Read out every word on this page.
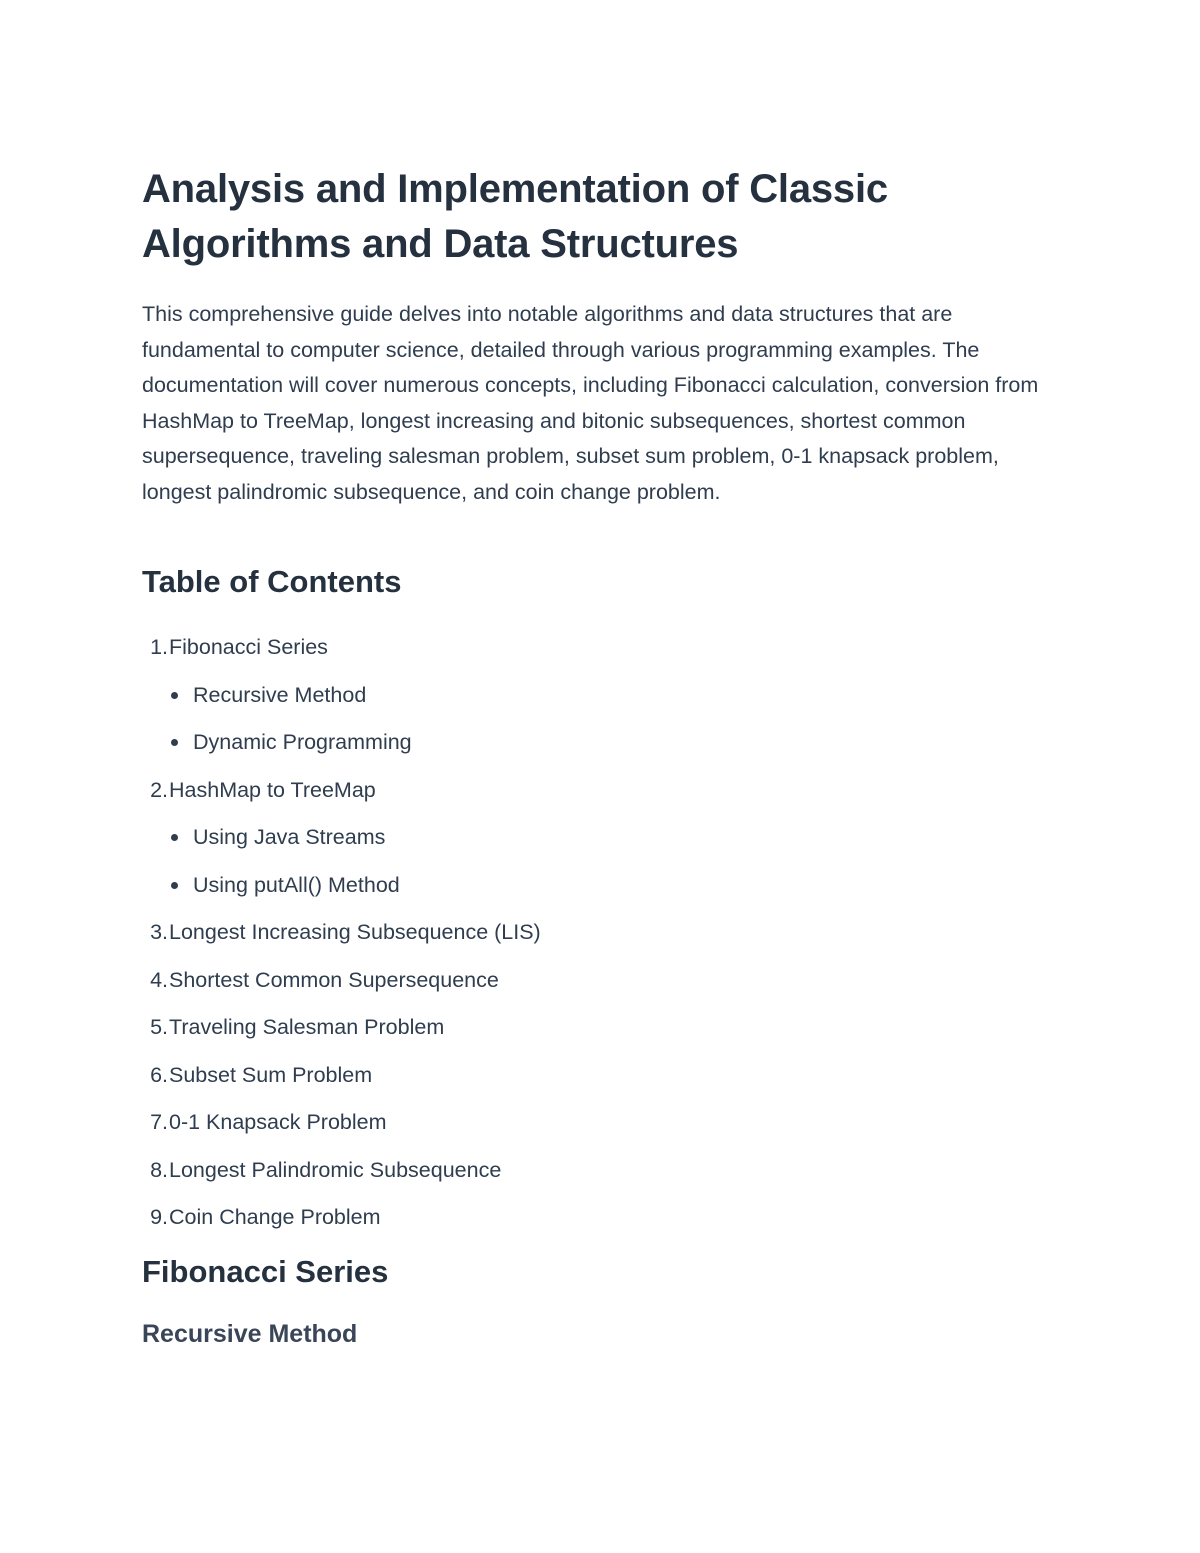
Analysis and Implementation of Classic Algorithms and Data Structures

This comprehensive guide delves into notable algorithms and data structures that are fundamental to computer science, detailed through various programming examples. The documentation will cover numerous concepts, including Fibonacci calculation, conversion from HashMap to TreeMap, longest increasing and bitonic subsequences, shortest common supersequence, traveling salesman problem, subset sum problem, 0-1 knapsack problem, longest palindromic subsequence, and coin change problem.

Table of Contents
1.Fibonacci Series
Recursive Method
Dynamic Programming
2.HashMap to TreeMap
Using Java Streams
Using putAll() Method
3.Longest Increasing Subsequence (LIS)
4.Shortest Common Supersequence
5.Traveling Salesman Problem
6.Subset Sum Problem
7.0-1 Knapsack Problem
8.Longest Palindromic Subsequence
9.Coin Change Problem
Fibonacci Series
Recursive Method
